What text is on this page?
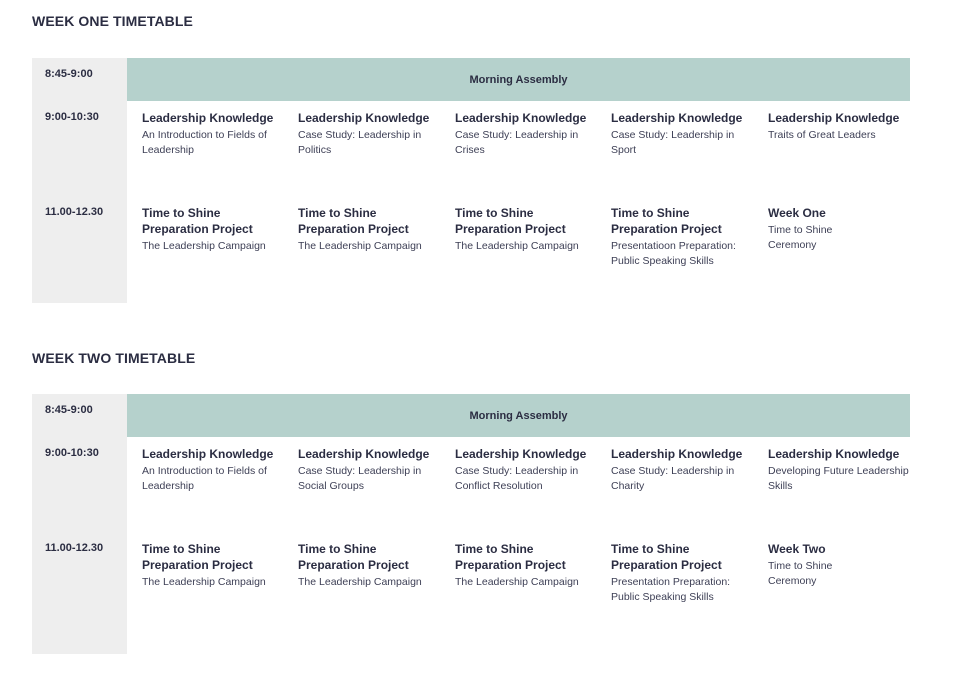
WEEK ONE TIMETABLE
8:45-9:00
9:00-10:30
11.00-12.30
Morning Assembly

Leadership Knowledge

An Introduction to Fields of Leadership

Leadership Knowledge

Case Study: Leadership in Politics

Leadership Knowledge

Case Study: Leadership in Crises

Leadership Knowledge

Case Study: Leadership in Sport

Leadership Knowledge

Traits of Great Leaders

Time to Shine Preparation Project

The Leadership Campaign

Time to Shine Preparation Project

The Leadership Campaign

Time to Shine Preparation Project

The Leadership Campaign

Time to Shine Preparation Project

Presentatioon Preparation: Public Speaking Skills

Week One

Time to Shine Ceremony

WEEK TWO TIMETABLE
8:45-9:00
9:00-10:30
11.00-12.30
Morning Assembly

Leadership Knowledge

An Introduction to Fields of Leadership

Leadership Knowledge

Case Study: Leadership in Social Groups

Leadership Knowledge

Case Study: Leadership in Conflict Resolution

Leadership Knowledge

Case Study: Leadership in Charity

Leadership Knowledge

Developing Future Leadership Skills

Time to Shine Preparation Project

The Leadership Campaign

Time to Shine Preparation Project

The Leadership Campaign

Time to Shine Preparation Project

The Leadership Campaign

Time to Shine Preparation Project

Presentation Preparation: Public Speaking Skills

Week Two

Time to Shine Ceremony
